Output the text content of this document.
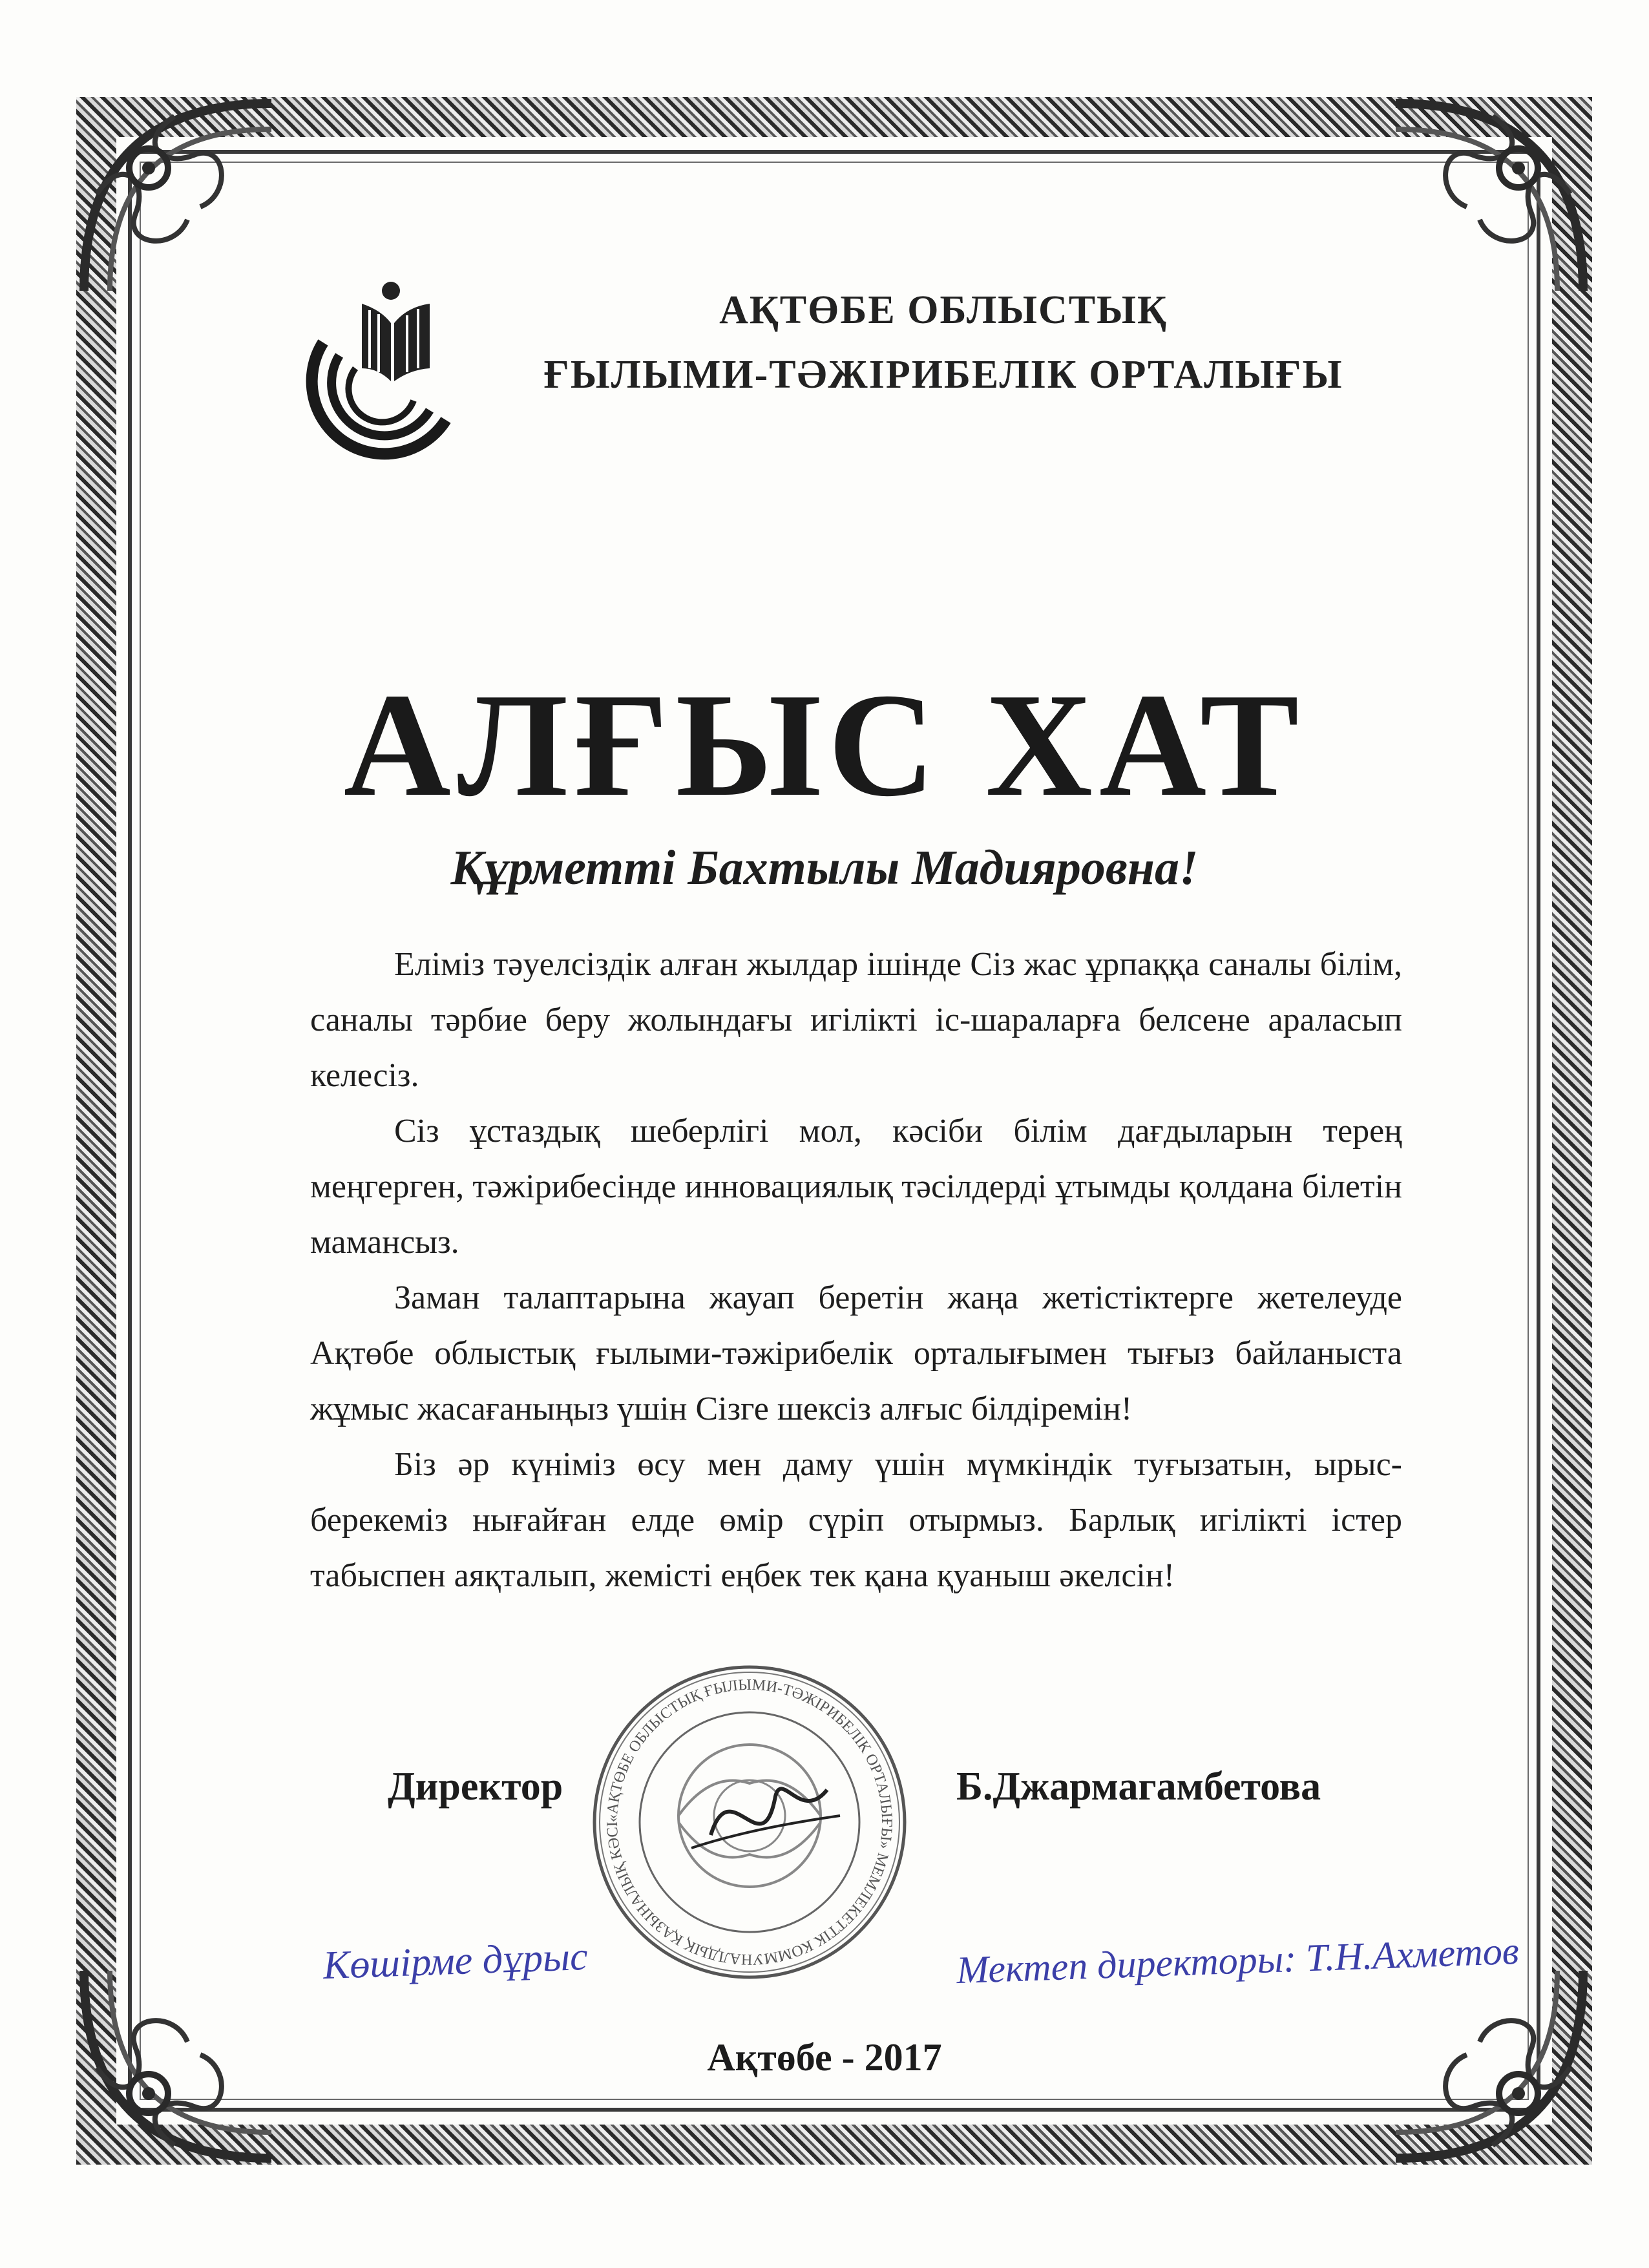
АҚТӨБЕ ОБЛЫСТЫҚ
ҒЫЛЫМИ-ТӘЖІРИБЕЛІК ОРТАЛЫҒЫ
АЛҒЫС ХАТ
Құрметті Бахтылы Мадияровна!

Еліміз тәуелсіздік алған жылдар ішінде Сіз жас ұрпаққа саналы білім, саналы тәрбие беру жолындағы игілікті іс-шараларға белсене араласып келесіз.

Сіз ұстаздық шеберлігі мол, кәсіби білім дағдыларын терең меңгерген, тәжірибесінде инновациялық тәсілдерді ұтымды қолдана білетін мамансыз.

Заман талаптарына жауап беретін жаңа жетістіктерге жетелеуде Ақтөбе облыстық ғылыми-тәжірибелік орталығымен тығыз байланыста жұмыс жасағаныңыз үшін Сізге шексіз алғыс білдіремін!

Біз әр күніміз өсу мен даму үшін мүмкіндік туғызатын, ырыс-берекеміз нығайған елде өмір сүріп отырмыз. Барлық игілікті істер табыспен аяқталып, жемісті еңбек тек қана қуаныш әкелсін!

«АҚТӨБЕ ОБЛЫСТЫҚ ҒЫЛЫМИ-ТӘЖІРИБЕЛІК ОРТАЛЫҒЫ» МЕМЛЕКЕТТІК КОММУНАЛДЫҚ ҚАЗЫНАЛЫҚ КӘСІ
Директор	Б.Джармагамбетова
Көшірме дұрыс	Мектеп директоры: Т.Н.Ахметов
Ақтөбе - 2017
